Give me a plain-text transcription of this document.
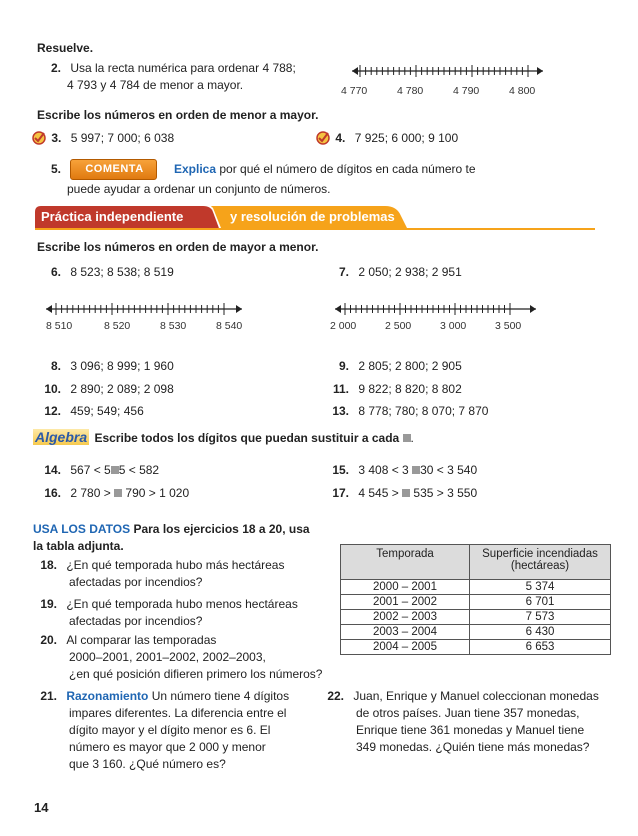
Resuelve.
2. Usa la recta numérica para ordenar 4 788;
4 793 y 4 784 de menor a mayor.	4 770	4 780	4 790	4 800
Escribe los números en orden de menor a mayor.
3. 5 997; 7 000; 6 038	4. 7 925; 6 000; 9 100
5. COMENTA	Explica por qué el número de dígitos en cada número te
puede ayudar a ordenar un conjunto de números.
Práctica independiente	y resolución de problemas
Escribe los números en orden de mayor a menor.
6. 8 523; 8 538; 8 519	7. 2 050; 2 938; 2 951
8 510	8 520	8 530	8 540	2 000	2 500	3 000	3 500
8. 3 096; 8 999; 1 960	9. 2 805; 2 800; 2 905
10. 2 890; 2 089; 2 098	11. 9 822; 8 820; 8 802
12. 459; 549; 456	13. 8 778; 780; 8 070; 7 870
Algebra Escribe todos los dígitos que puedan sustituir a cada .
14. 567 < 5 5 < 582	15. 3 408 < 3 30 < 3 540
16. 2 780 >  790 > 1 020	17. 4 545 >  535 > 3 550
USA LOS DATOS Para los ejercicios 18 a 20, usa
la tabla adjunta.
18. ¿En qué temporada hubo más hectáreas
afectadas por incendios?
19. ¿En qué temporada hubo menos hectáreas
afectadas por incendios?
20. Al comparar las temporadas
2000–2001, 2001–2002, 2002–2003,
¿en qué posición difieren primero los números?
Temporada	Superficie incendiadas (hectáreas)
2000 – 2001	5 374
2001 – 2002	6 701
2002 – 2003	7 573
2003 – 2004	6 430
2004 – 2005	6 653
21. Razonamiento Un número tiene 4 dígitos
impares diferentes. La diferencia entre el
dígito mayor y el dígito menor es 6. El
número es mayor que 2 000 y menor
que 3 160. ¿Qué número es?
22. Juan, Enrique y Manuel coleccionan monedas
de otros países. Juan tiene 357 monedas,
Enrique tiene 361 monedas y Manuel tiene
349 monedas. ¿Quién tiene más monedas?
14
